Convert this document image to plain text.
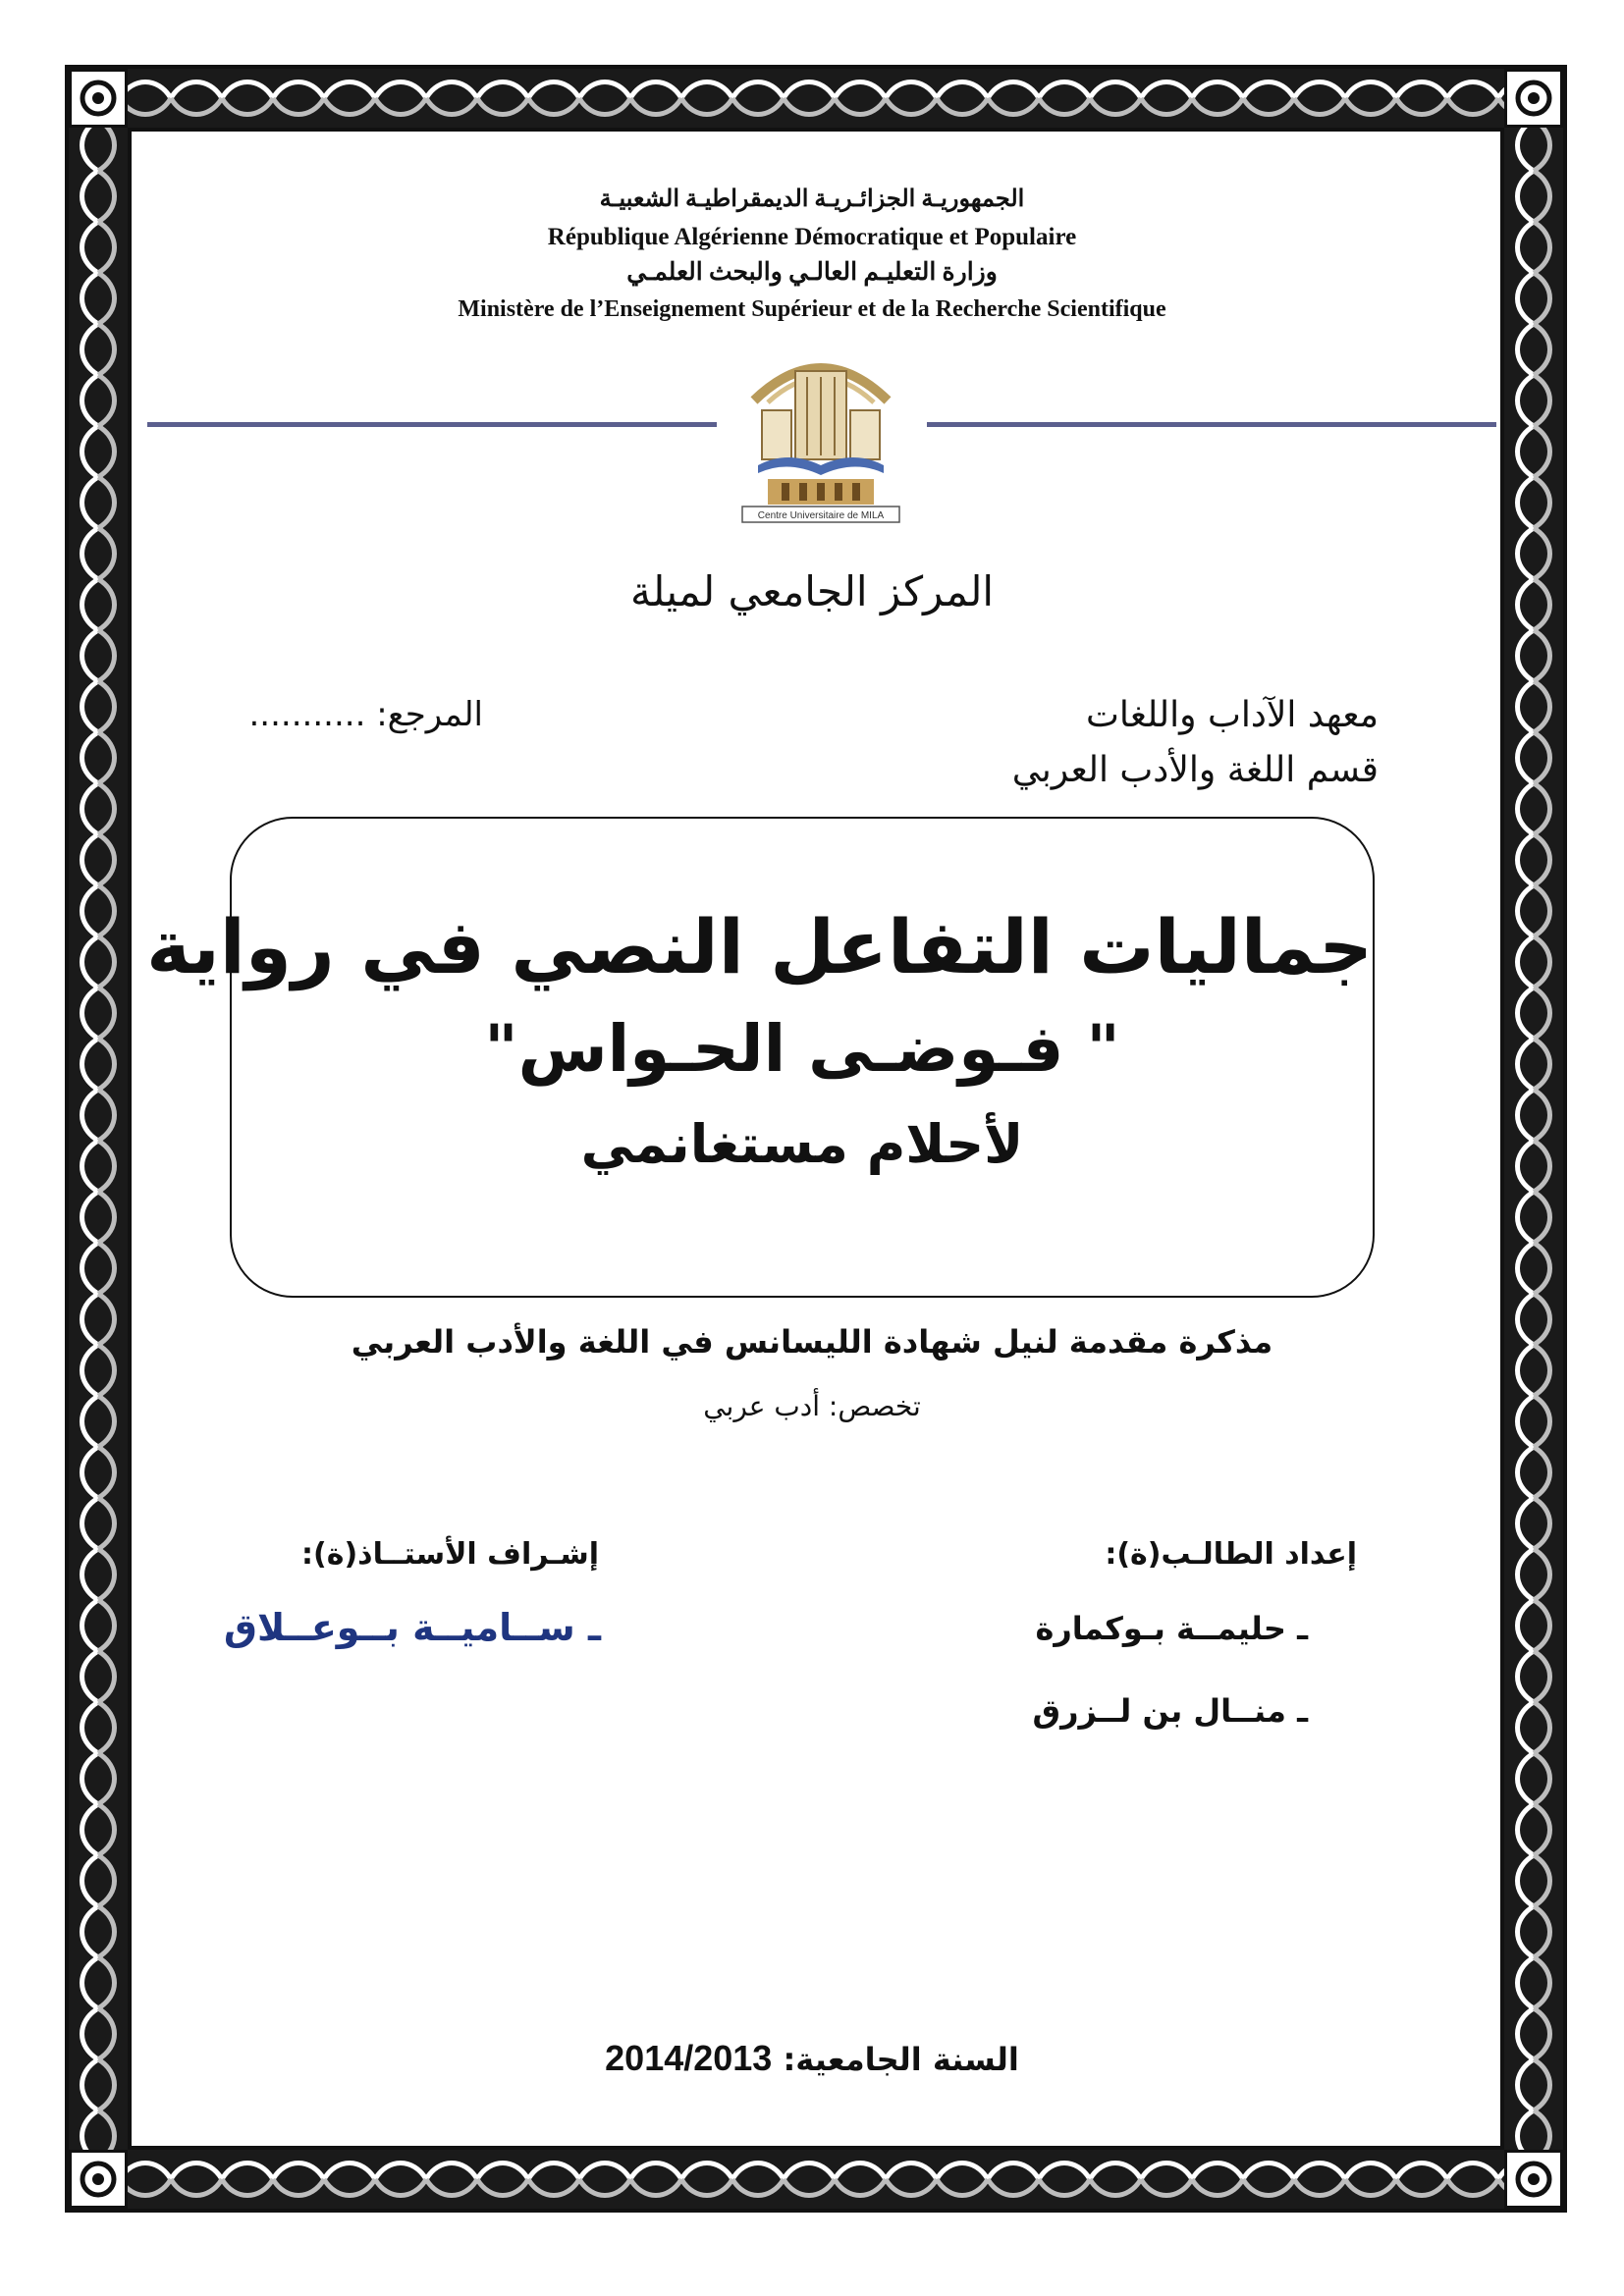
الجمهوريـة الجزائـريـة الديمقراطيـة الشعبيـة
République Algérienne Démocratique et Populaire
وزارة التعليـم العالـي والبحث العلمـي
Ministère de l’Enseignement Supérieur et de la Recherche Scientifique
Centre Universitaire de MILA
المركز الجامعي لميلة
معهد الآداب واللغات
قسم اللغة والأدب العربي
المرجع: ...........
جماليات التفاعل النصي في رواية
" فـوضـى الحـواس"
لأحلام مستغانمي
مذكرة مقدمة لنيل شهادة الليسانس في اللغة والأدب العربي
تخصص: أدب عربي
إعداد الطالـب(ة):
إشـراف الأستــاذ(ة):
ـ حليمــة بـوكمارة
ـ منــال بن لــزرق
ـ ســاميــة بــوعــلاق
السنة الجامعية: 2014/2013
